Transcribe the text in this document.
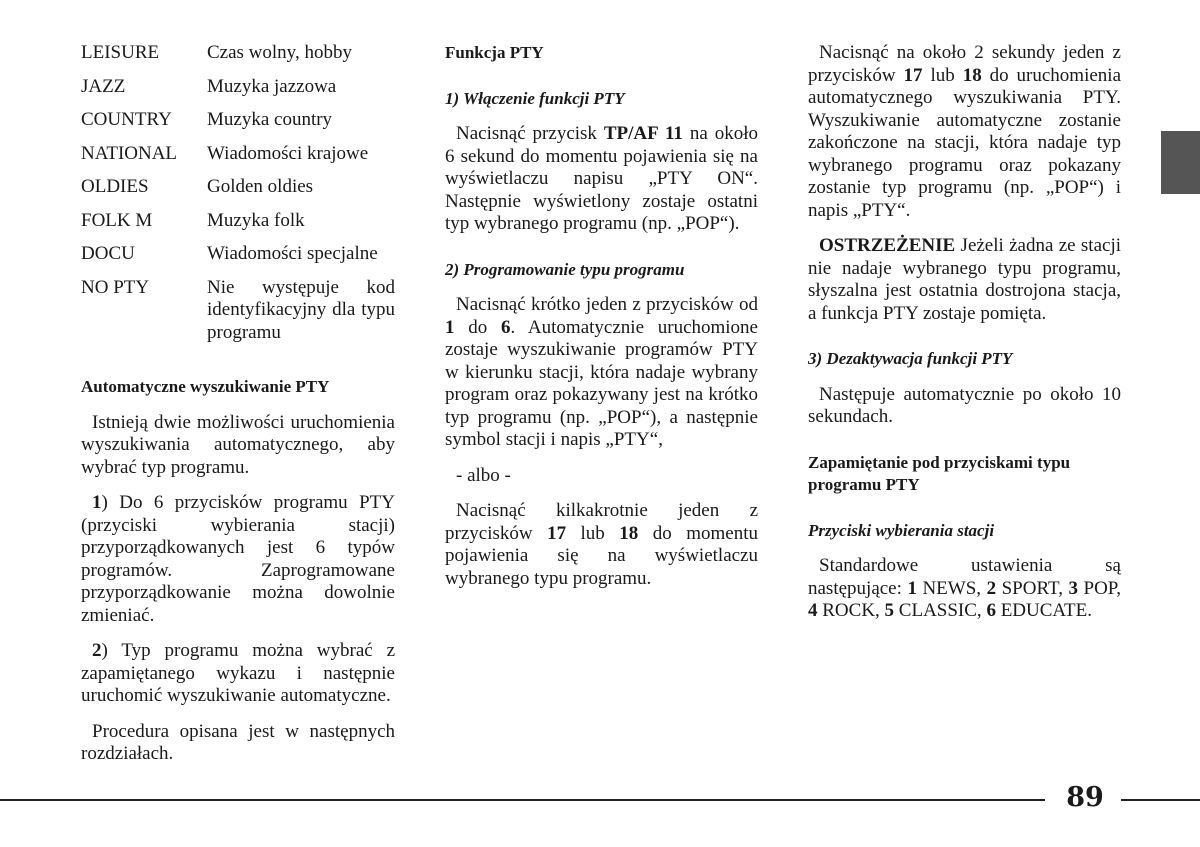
LEISURE	Czas wolny, hobby
JAZZ	Muzyka jazzowa
COUNTRY	Muzyka country
NATIONAL	Wiadomości krajowe
OLDIES	Golden oldies
FOLK M	Muzyka folk
DOCU	Wiadomości specjalne
NO PTY	Nie występuje kod identyfikacyjny dla typu programu
Automatyczne wyszukiwanie PTY

Istnieją dwie możliwości uruchomienia wyszukiwania automatycznego, aby wybrać typ programu.

1) Do 6 przycisków programu PTY (przyciski wybierania stacji) przyporządkowanych jest 6 typów programów. Zaprogramowane przyporządkowanie można dowolnie zmieniać.

2) Typ programu można wybrać z zapamiętanego wykazu i następnie uruchomić wyszukiwanie automatyczne.

Procedura opisana jest w następnych rozdziałach.

Funkcja PTY
1) Włączenie funkcji PTY

Nacisnąć przycisk TP/AF 11 na około 6 sekund do momentu pojawienia się na wyświetlaczu napisu „PTY ON“. Następnie wyświetlony zostaje ostatni typ wybranego programu (np. „POP“).

2) Programowanie typu programu

Nacisnąć krótko jeden z przycisków od 1 do 6. Automatycznie uruchomione zostaje wyszukiwanie programów PTY w kierunku stacji, która nadaje wybrany program oraz pokazywany jest na krótko typ programu (np. „POP“), a następnie symbol stacji i napis „PTY“,

- albo -

Nacisnąć kilkakrotnie jeden z przycisków 17 lub 18 do momentu pojawienia się na wyświetlaczu wybranego typu programu.

Nacisnąć na około 2 sekundy jeden z przycisków 17 lub 18 do uruchomienia automatycznego wyszukiwania PTY. Wyszukiwanie automatyczne zostanie zakończone na stacji, która nadaje typ wybranego programu oraz pokazany zostanie typ programu (np. „POP“) i napis „PTY“.

OSTRZEŻENIE Jeżeli żadna ze stacji nie nadaje wybranego typu programu, słyszalna jest ostatnia dostrojona stacja, a funkcja PTY zostaje pomięta.

3) Dezaktywacja funkcji PTY

Następuje automatycznie po około 10 sekundach.

Zapamiętanie pod przyciskami typu programu PTY
Przyciski wybierania stacji

Standardowe ustawienia są następujące: 1 NEWS, 2 SPORT, 3 POP, 4 ROCK, 5 CLASSIC, 6 EDUCATE.

89
